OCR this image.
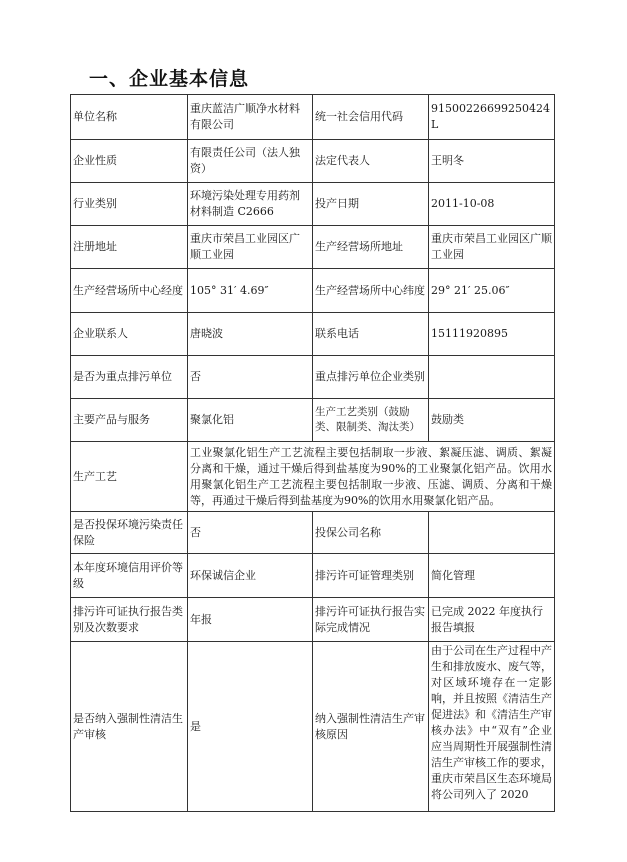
一、企业基本信息
单位名称	重庆蓝洁广顺净水材料有限公司	统一社会信用代码	91500226699250424L
企业性质	有限责任公司（法人独资）	法定代表人	王明冬
行业类别	环境污染处理专用药剂材料制造 C2666	投产日期	2011-10-08
注册地址	重庆市荣昌工业园区广顺工业园	生产经营场所地址	重庆市荣昌工业园区广顺工业园
生产经营场所中心经度	105° 31′ 4.69″	生产经营场所中心纬度	29° 21′ 25.06″
企业联系人	唐晓波	联系电话	15111920895
是否为重点排污单位	否	重点排污单位企业类别	
主要产品与服务	聚氯化铝	生产工艺类别（鼓励类、限制类、淘汰类）	鼓励类
生产工艺	工业聚氯化铝生产工艺流程主要包括制取一步液、絮凝压滤、调质、絮凝分离和干燥，通过干燥后得到盐基度为90%的工业聚氯化铝产品。饮用水用聚氯化铝生产工艺流程主要包括制取一步液、压滤、调质、分离和干燥等，再通过干燥后得到盐基度为90%的饮用水用聚氯化铝产品。		
是否投保环境污染责任保险	否	投保公司名称	
本年度环境信用评价等级	环保诚信企业	排污许可证管理类别	简化管理
排污许可证执行报告类别及次数要求	年报	排污许可证执行报告实际完成情况	已完成 2022 年度执行报告填报
是否纳入强制性清洁生产审核	是	纳入强制性清洁生产审核原因	由于公司在生产过程中产生和排放废水、废气等，对区域环境存在一定影响，并且按照《清洁生产促进法》和《清洁生产审核办法》中“双有”企业应当周期性开展强制性清洁生产审核工作的要求，重庆市荣昌区生态环境局将公司列入了 2020
